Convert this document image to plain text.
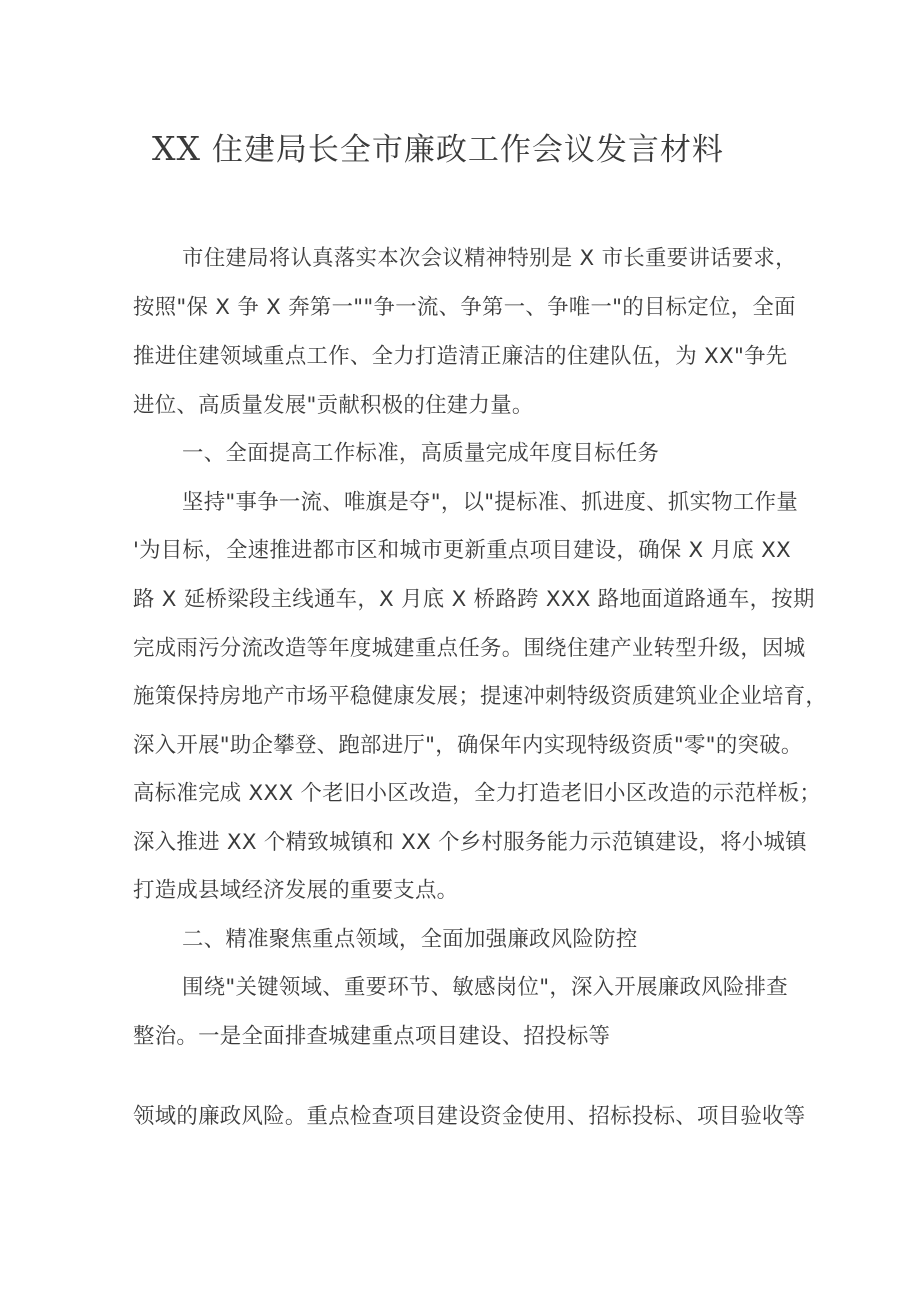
XX 住建局长全市廉政工作会议发言材料
市住建局将认真落实本次会议精神特别是 X 市长重要讲话要求，
按照"保 X 争 X 奔第一""争一流、争第一、争唯一"的目标定位，全面
推进住建领域重点工作、全力打造清正廉洁的住建队伍，为 XX"争先
进位、高质量发展"贡献积极的住建力量。
一、全面提高工作标准，高质量完成年度目标任务
坚持"事争一流、唯旗是夺"，以"提标准、抓进度、抓实物工作量
'为目标，全速推进都市区和城市更新重点项目建设，确保 X 月底 XX
路 X 延桥梁段主线通车，X 月底 X 桥路跨 XXX 路地面道路通车，按期
完成雨污分流改造等年度城建重点任务。围绕住建产业转型升级，因城
施策保持房地产市场平稳健康发展；提速冲刺特级资质建筑业企业培育，
深入开展"助企攀登、跑部进厅"，确保年内实现特级资质"零"的突破。
高标准完成 XXX 个老旧小区改造，全力打造老旧小区改造的示范样板；
深入推进 XX 个精致城镇和 XX 个乡村服务能力示范镇建设，将小城镇
打造成县域经济发展的重要支点。
二、精准聚焦重点领域，全面加强廉政风险防控
围绕"关键领域、重要环节、敏感岗位"，深入开展廉政风险排查
整治。一是全面排查城建重点项目建设、招投标等
领域的廉政风险。重点检查项目建设资金使用、招标投标、项目验收等
